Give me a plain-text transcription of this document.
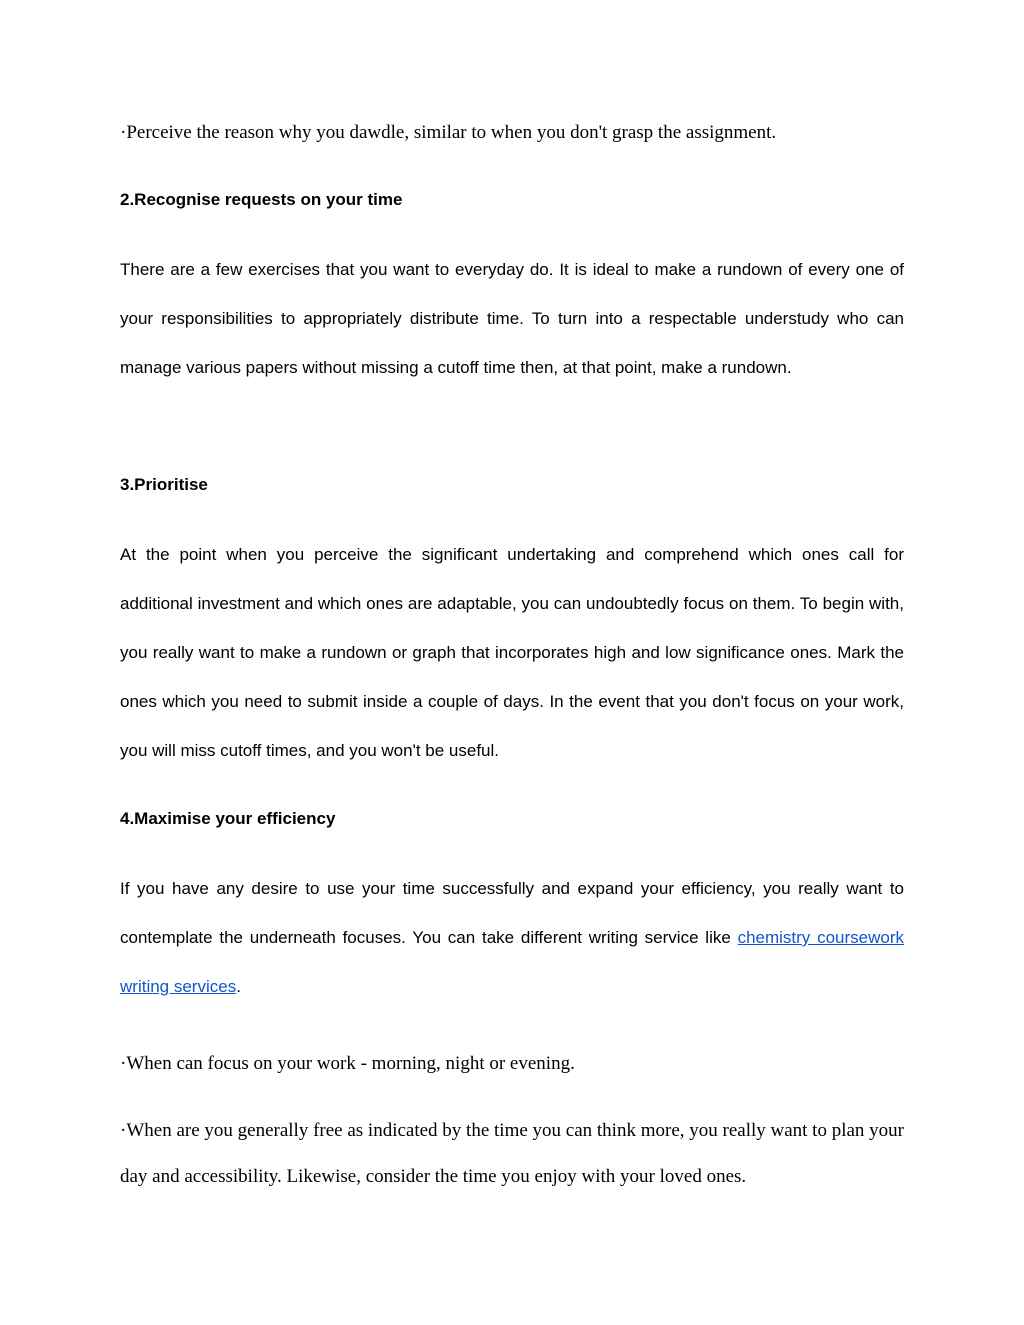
·Perceive the reason why you dawdle, similar to when you don't grasp the assignment.

2.Recognise requests on your time

There are a few exercises that you want to everyday do. It is ideal to make a rundown of every one of your responsibilities to appropriately distribute time. To turn into a respectable understudy who can manage various papers without missing a cutoff time then, at that point, make a rundown.

3.Prioritise

At the point when you perceive the significant undertaking and comprehend which ones call for additional investment and which ones are adaptable, you can undoubtedly focus on them. To begin with, you really want to make a rundown or graph that incorporates high and low significance ones. Mark the ones which you need to submit inside a couple of days. In the event that you don't focus on your work, you will miss cutoff times, and you won't be useful.

4.Maximise your efficiency

If you have any desire to use your time successfully and expand your efficiency, you really want to contemplate the underneath focuses. You can take different writing service like chemistry coursework writing services.

·When can focus on your work - morning, night or evening.

·When are you generally free as indicated by the time you can think more, you really want to plan your day and accessibility. Likewise, consider the time you enjoy with your loved ones.
